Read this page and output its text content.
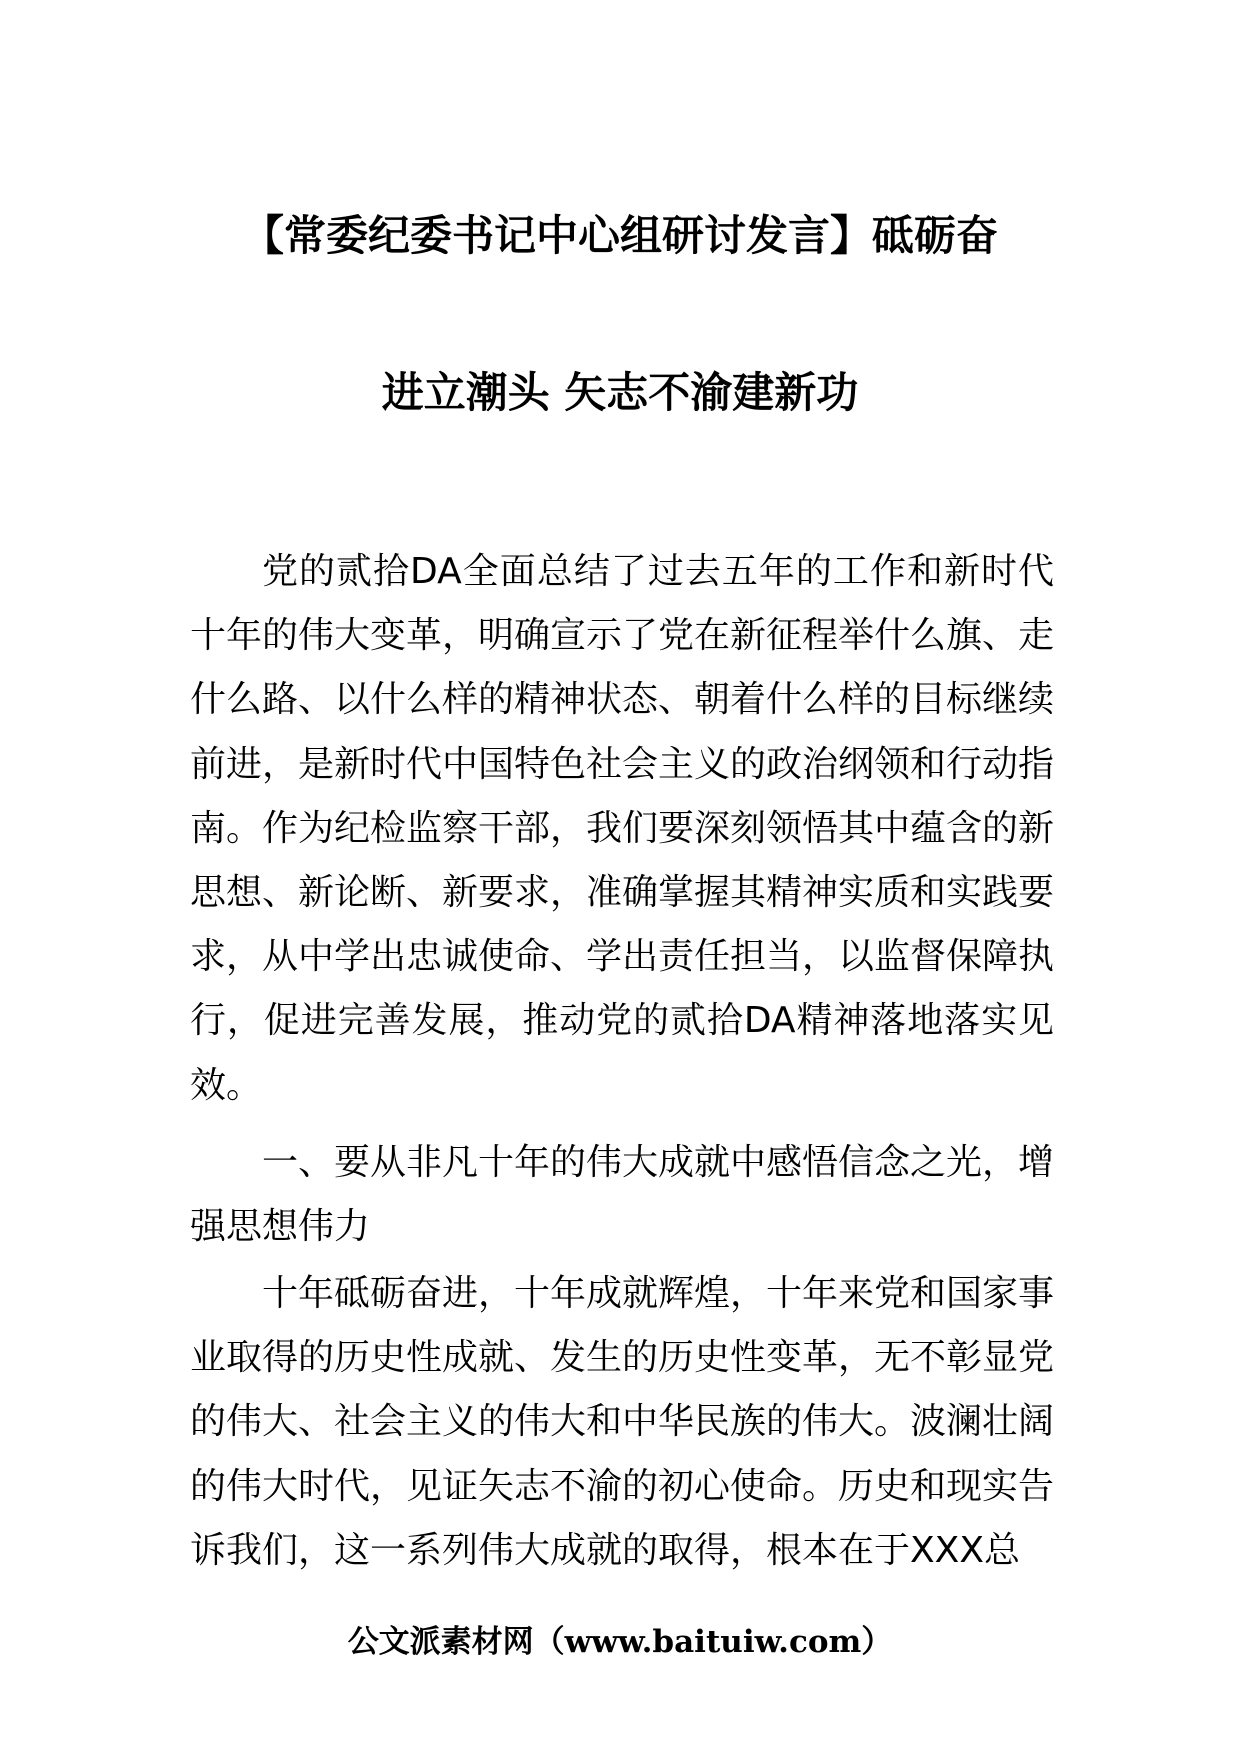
【常委纪委书记中心组研讨发言】砥砺奋
进立潮头 矢志不渝建新功

党的贰拾DA全面总结了过去五年的工作和新时代十年的伟大变革，明确宣示了党在新征程举什么旗、走什么路、以什么样的精神状态、朝着什么样的目标继续前进，是新时代中国特色社会主义的政治纲领和行动指南。作为纪检监察干部，我们要深刻领悟其中蕴含的新思想、新论断、新要求，准确掌握其精神实质和实践要求，从中学出忠诚使命、学出责任担当，以监督保障执行，促进完善发展，推动党的贰拾DA精神落地落实见效。

一、要从非凡十年的伟大成就中感悟信念之光，增强思想伟力

十年砥砺奋进，十年成就辉煌，十年来党和国家事业取得的历史性成就、发生的历史性变革，无不彰显党的伟大、社会主义的伟大和中华民族的伟大。波澜壮阔的伟大时代，见证矢志不渝的初心使命。历史和现实告诉我们，这一系列伟大成就的取得，根本在于XXX总

公文派素材网（www.baituiw.com）
